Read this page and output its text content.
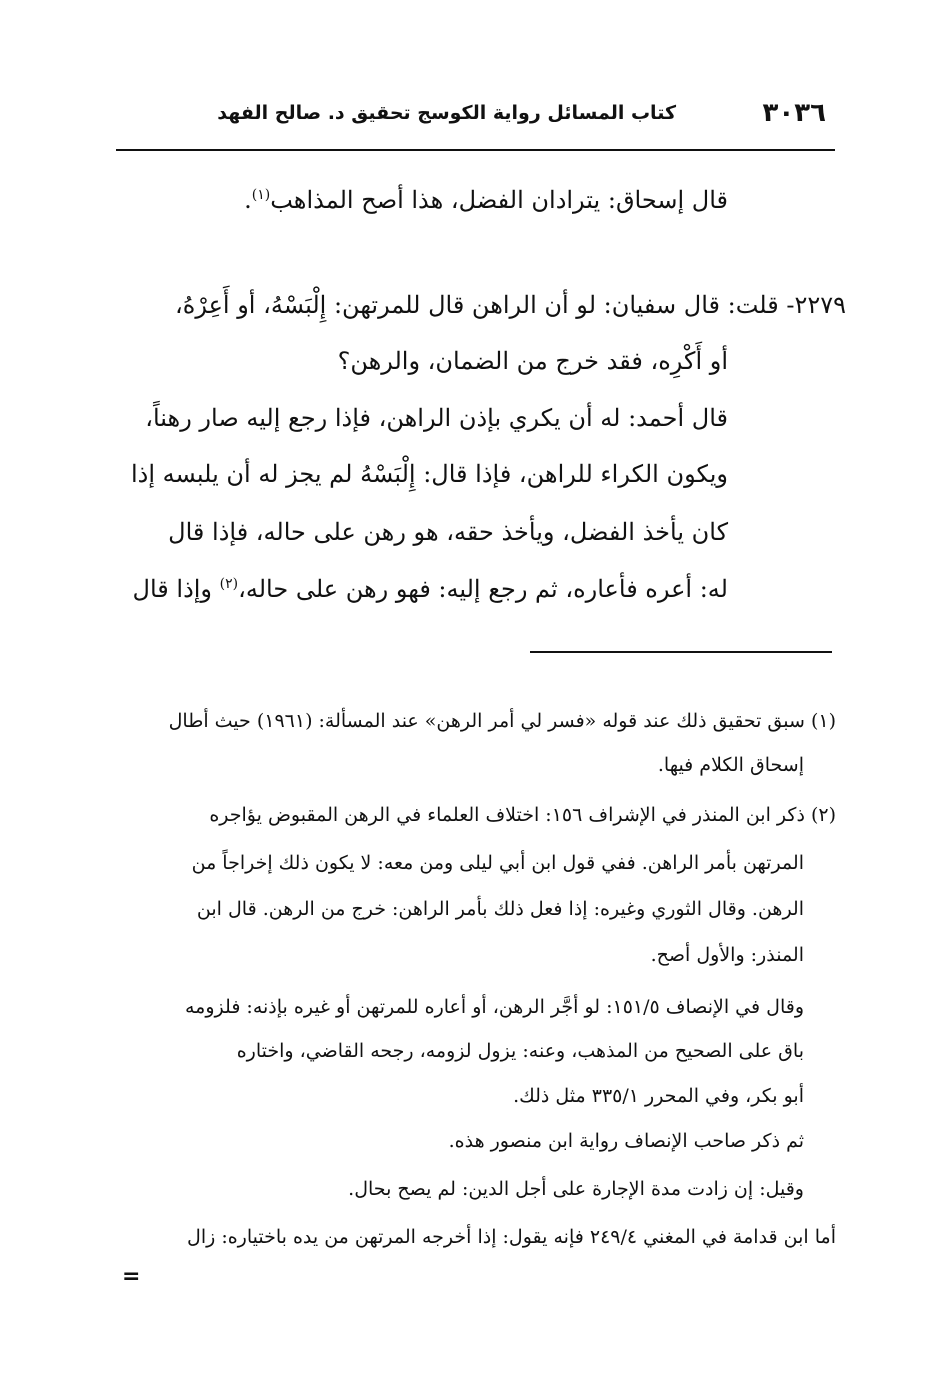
٣٠٣٦
كتاب المسائل رواية الكوسج تحقيق د. صالح الفهد
قال إسحاق: يترادان الفضل، هذا أصح المذاهب$^{(١)}$.
٢٢٧٩- قلت: قال سفيان: لو أن الراهن قال للمرتهن: إِلْبَسْهُ، أو أَعِرْهُ،
أو أَكْرِه، فقد خرج من الضمان، والرهن؟
قال أحمد: له أن يكري بإذن الراهن، فإذا رجع إليه صار رهناً،
ويكون الكراء للراهن، فإذا قال: إِلْبَسْهُ لم يجز له أن يلبسه إذا
كان يأخذ الفضل، ويأخذ حقه، هو رهن على حاله، فإذا قال
له: أعره فأعاره، ثم رجع إليه: فهو رهن على حاله،$^{(٢)}$ وإذا قال
(١) سبق تحقيق ذلك عند قوله «فسر لي أمر الرهن» عند المسألة: (١٩٦١) حيث أطال
إسحاق الكلام فيها.
(٢) ذكر ابن المنذر في الإشراف ١٥٦: اختلاف العلماء في الرهن المقبوض يؤاجره
المرتهن بأمر الراهن. ففي قول ابن أبي ليلى ومن معه: لا يكون ذلك إخراجاً من
الرهن. وقال الثوري وغيره: إذا فعل ذلك بأمر الراهن: خرج من الرهن. قال ابن
المنذر: والأول أصح.
وقال في الإنصاف ١٥١/٥: لو أجَّر الرهن، أو أعاره للمرتهن أو غيره بإذنه: فلزومه
باق على الصحيح من المذهب، وعنه: يزول لزومه، رجحه القاضي، واختاره
أبو بكر، وفي المحرر ٣٣٥/١ مثل ذلك.
ثم ذكر صاحب الإنصاف رواية ابن منصور هذه.
وقيل: إن زادت مدة الإجارة على أجل الدين: لم يصح بحال.
أما ابن قدامة في المغني ٢٤٩/٤ فإنه يقول: إذا أخرجه المرتهن من يده باختياره: زال
=
